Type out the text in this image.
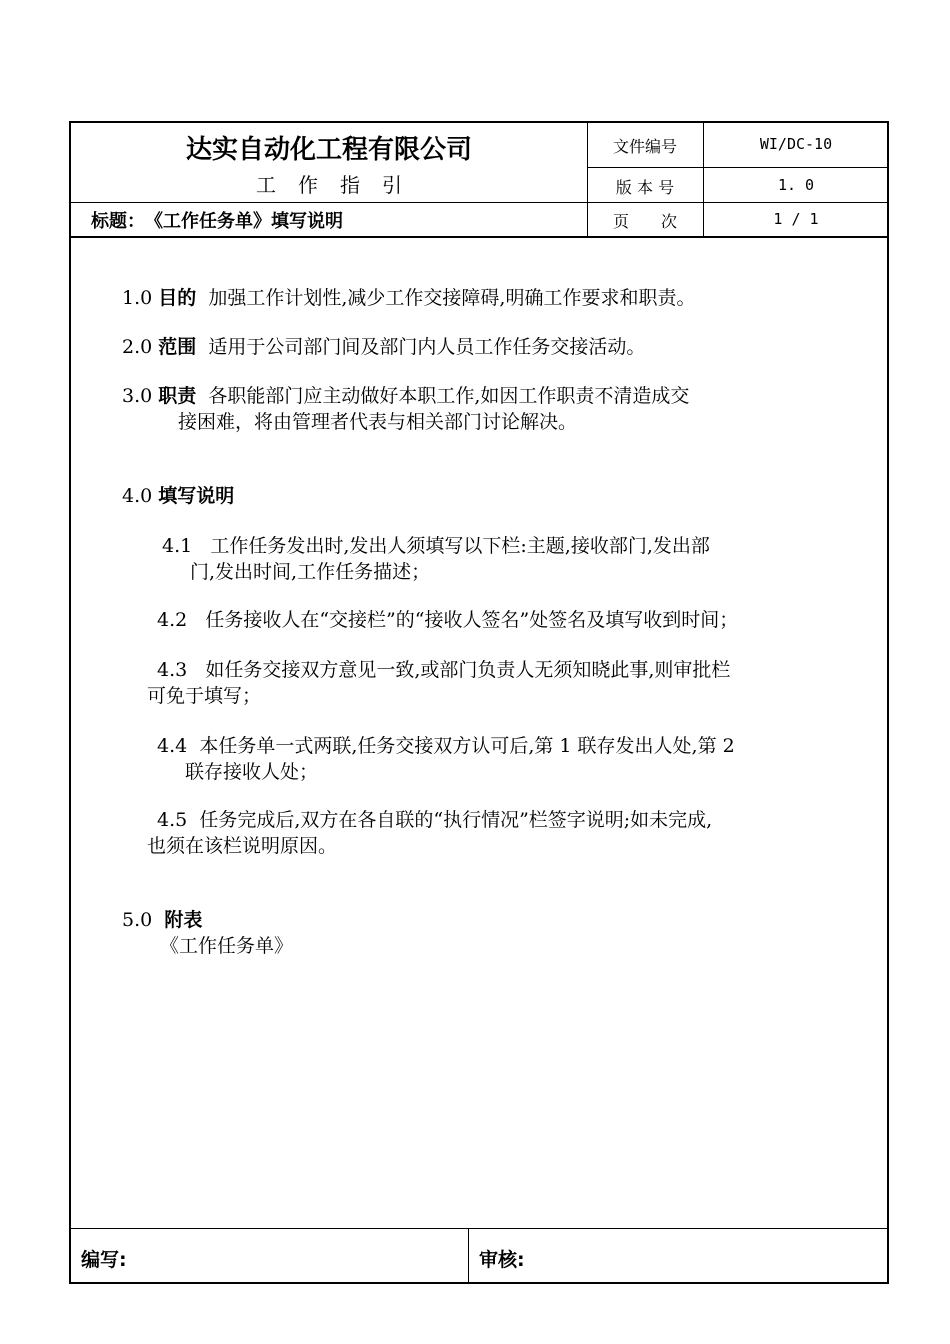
达实自动化工程有限公司
工作指引
标题：　《工作任务单》填写说明
文件编号	WI/DC-10
版 本 号	1. 0
页　　次	1 / 1
编写:	审核:
1.0 目的 加强工作计划性,减少工作交接障碍,明确工作要求和职责。
2.0 范围 适用于公司部门间及部门内人员工作任务交接活动。
3.0 职责 各职能部门应主动做好本职工作,如因工作职责不清造成交
接困难，将由管理者代表与相关部门讨论解决。
4.0 填写说明
4.1 工作任务发出时,发出人须填写以下栏:主题,接收部门,发出部
门,发出时间,工作任务描述；
4.2 任务接收人在“交接栏”的“接收人签名”处签名及填写收到时间；
4.3 如任务交接双方意见一致,或部门负责人无须知晓此事,则审批栏
可免于填写；
4.4 本任务单一式两联,任务交接双方认可后,第 1 联存发出人处,第 2
联存接收人处；
4.5 任务完成后,双方在各自联的“执行情况”栏签字说明;如未完成,
也须在该栏说明原因。
5.0 附表
《工作任务单》
